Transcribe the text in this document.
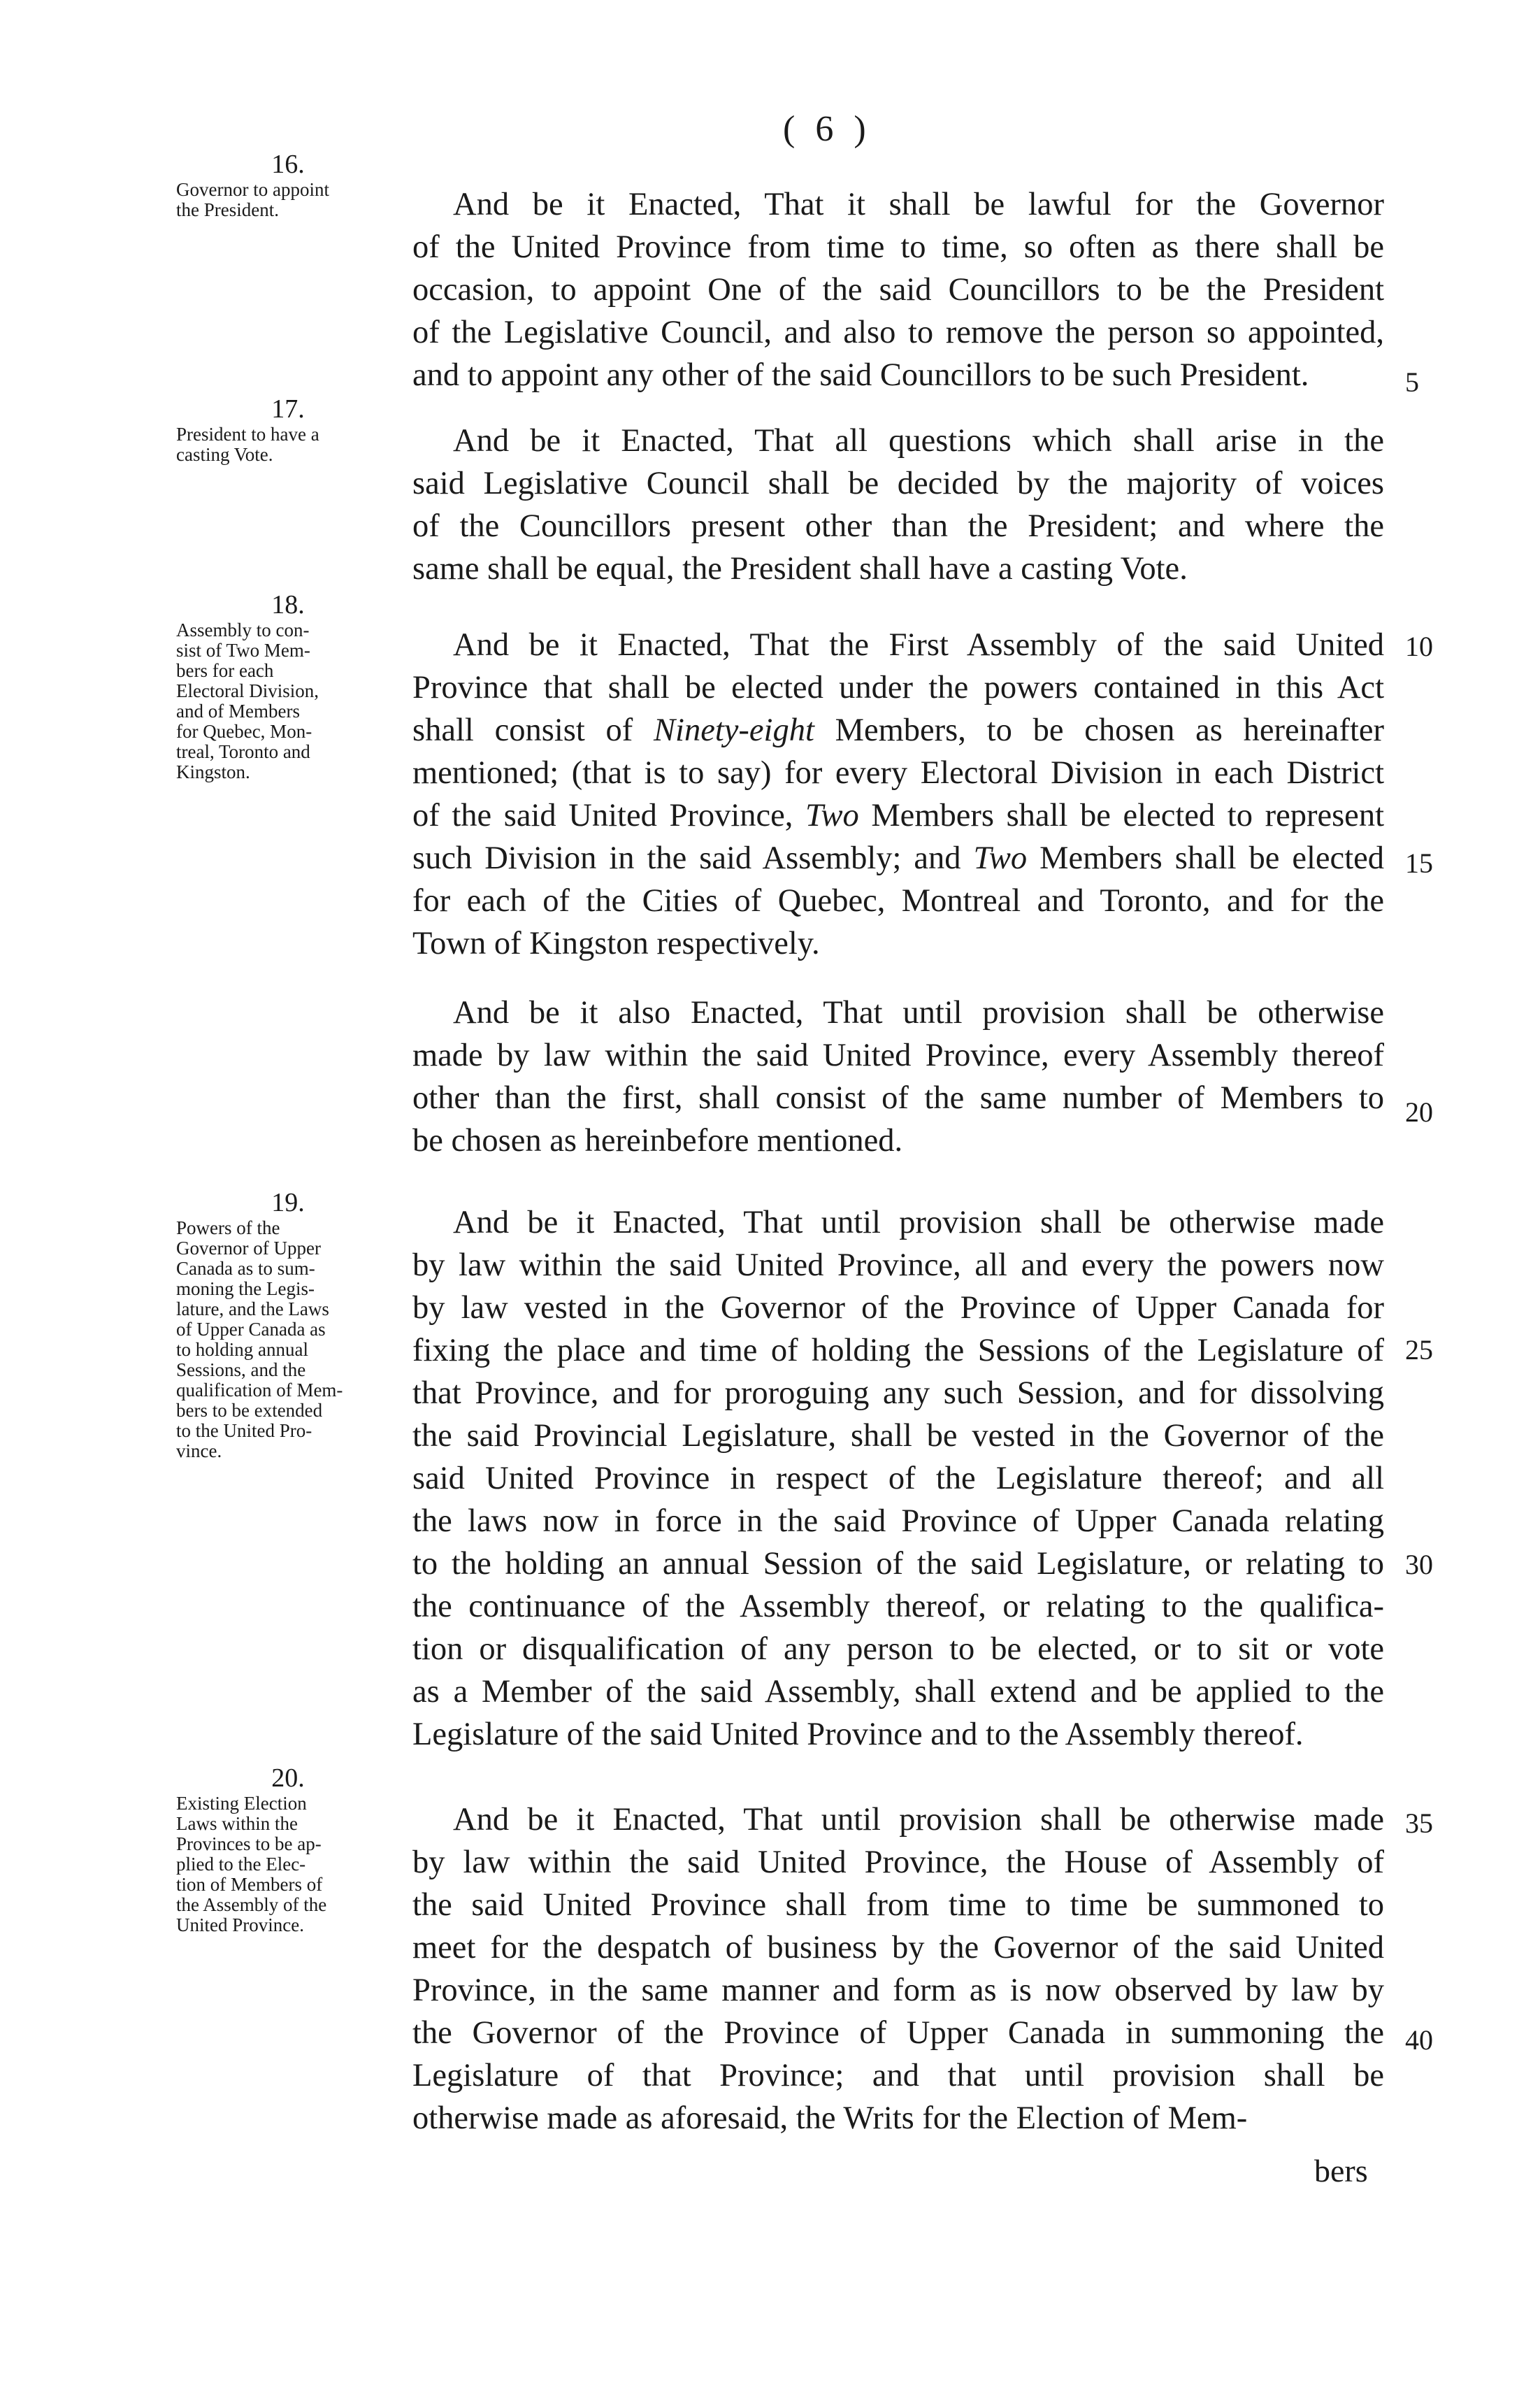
( 6 )
16.
Governor to appoint
the President.	And be it Enacted, That it shall be lawful for the Governor
of the United Province from time to time, so often as there shall be
occasion, to appoint One of the said Councillors to be the President
of the Legislative Council, and also to remove the person so appointed,
and to appoint any other of the said Councillors to be such President.
17.
President to have a
casting Vote.	And be it Enacted, That all questions which shall arise in the
said Legislative Council shall be decided by the majority of voices
of the Councillors present other than the President; and where the
same shall be equal, the President shall have a casting Vote.
18.
Assembly to con-
sist of Two Mem-
bers for each
Electoral Division,
and of Members
for Quebec, Mon-
treal, Toronto and
Kingston.
And be it Enacted, That the First Assembly of the said United
Province that shall be elected under the powers contained in this Act
shall consist of Ninety-eight Members, to be chosen as hereinafter
mentioned; (that is to say) for every Electoral Division in each District
of the said United Province, Two Members shall be elected to represent
such Division in the said Assembly; and Two Members shall be elected
for each of the Cities of Quebec, Montreal and Toronto, and for the
Town of Kingston respectively.
And be it also Enacted, That until provision shall be otherwise
made by law within the said United Province, every Assembly thereof
other than the first, shall consist of the same number of Members to
be chosen as hereinbefore mentioned.
19.
Powers of the
Governor of Upper
Canada as to sum-
moning the Legis-
lature, and the Laws
of Upper Canada as
to holding annual
Sessions, and the
qualification of Mem-
bers to be extended
to the United Pro-
vince.
And be it Enacted, That until provision shall be otherwise made
by law within the said United Province, all and every the powers now
by law vested in the Governor of the Province of Upper Canada for
fixing the place and time of holding the Sessions of the Legislature of
that Province, and for proroguing any such Session, and for dissolving
the said Provincial Legislature, shall be vested in the Governor of the
said United Province in respect of the Legislature thereof; and all
the laws now in force in the said Province of Upper Canada relating
to the holding an annual Session of the said Legislature, or relating to
the continuance of the Assembly thereof, or relating to the qualifica-
tion or disqualification of any person to be elected, or to sit or vote
as a Member of the said Assembly, shall extend and be applied to the
Legislature of the said United Province and to the Assembly thereof.
20.
Existing Election
Laws within the
Provinces to be ap-
plied to the Elec-
tion of Members of
the Assembly of the
United Province.
And be it Enacted, That until provision shall be otherwise made
by law within the said United Province, the House of Assembly of
the said United Province shall from time to time be summoned to
meet for the despatch of business by the Governor of the said United
Province, in the same manner and form as is now observed by law by
the Governor of the Province of Upper Canada in summoning the
Legislature of that Province; and that until provision shall be
otherwise made as aforesaid, the Writs for the Election of Mem-
5
10
15
20
25
30
35
40
bers
